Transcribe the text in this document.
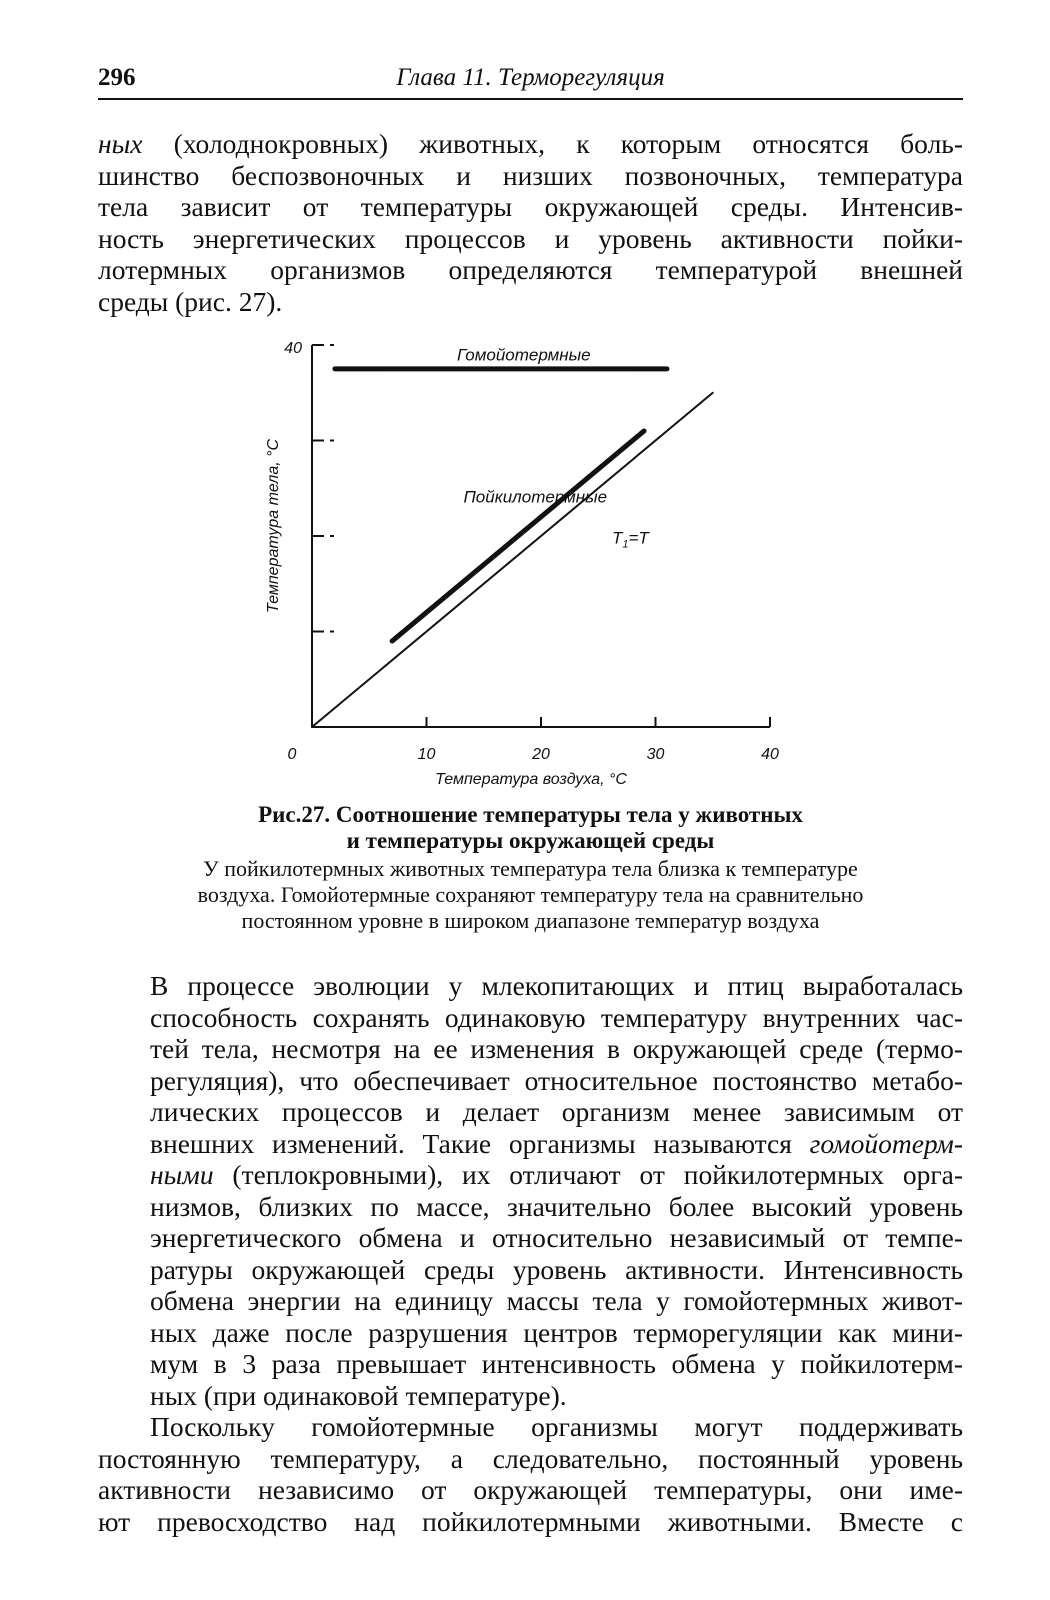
296	Глава 11. Терморегуляция

ных (холоднокровных) животных, к которым относятся боль-
шинство беспозвоночных и низших позвоночных, температура
тела зависит от температуры окружающей среды. Интенсив-
ность энергетических процессов и уровень активности пойки-
лотермных организмов определяются температурой внешней
среды (рис. 27).

0	10	20	30	40
40
Температура воздуха, °С
Температура тела, °С
Гомойотермные
Пойкилотермные
$T_1=T$
Рис.27. Соотношение температуры тела у животных
и температуры окружающей среды
У пойкилотермных животных температура тела близка к температуре
воздуха. Гомойотермные сохраняют температуру тела на сравнительно
постоянном уровне в широком диапазоне температур воздуха

В процессе эволюции у млекопитающих и птиц выработалась
способность сохранять одинаковую температуру внутренних час-
тей тела, несмотря на ее изменения в окружающей среде (термо-
регуляция), что обеспечивает относительное постоянство метабо-
лических процессов и делает организм менее зависимым от
внешних изменений. Такие организмы называются гомойотерм-
ными (теплокровными), их отличают от пойкилотермных орга-
низмов, близких по массе, значительно более высокий уровень
энергетического обмена и относительно независимый от темпе-
ратуры окружающей среды уровень активности. Интенсивность
обмена энергии на единицу массы тела у гомойотермных живот-
ных даже после разрушения центров терморегуляции как мини-
мум в 3 раза превышает интенсивность обмена у пойкилотерм-
ных (при одинаковой температуре).

Поскольку гомойотермные организмы могут поддерживать
постоянную температуру, а следовательно, постоянный уровень
активности независимо от окружающей температуры, они име-
ют превосходство над пойкилотермными животными. Вместе с
